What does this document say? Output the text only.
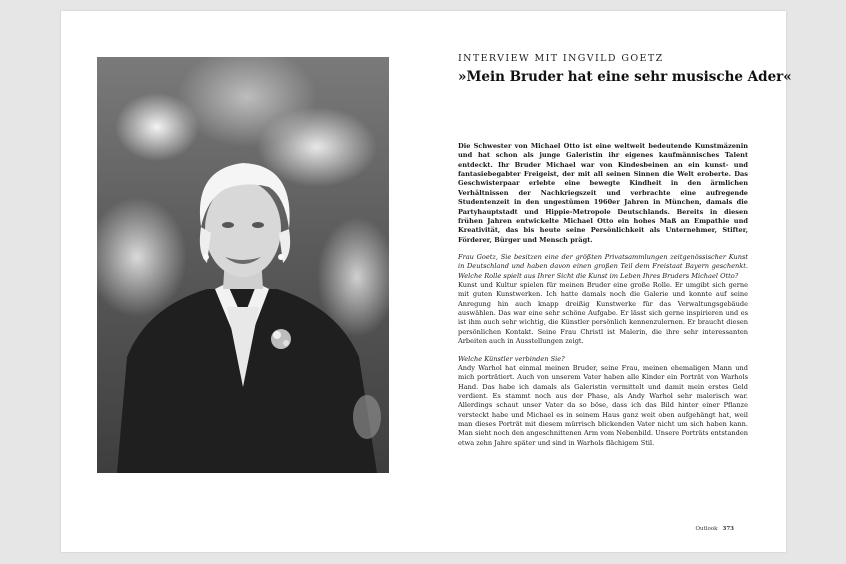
INTERVIEW MIT INGVILD GOETZ
»Mein Bruder hat eine sehr musische Ader«

Die Schwester von Michael Otto ist eine weltweit bedeutende Kunstmäzenin und hat schon als junge Galeristin ihr eigenes kaufmännisches Talent entdeckt. Ihr Bruder Michael war von Kindesbeinen an ein kunst- und fantasiebegabter Freigeist, der mit all seinen Sinnen die Welt eroberte. Das Geschwisterpaar erlebte eine bewegte Kindheit in den ärmlichen Verhältnissen der Nachkriegszeit und verbrachte eine aufregende Studentenzeit in den ungestümen 1960er Jahren in München, damals die Partyhauptstadt und Hippie-Metropole Deutschlands. Bereits in diesen frühen Jahren entwickelte Michael Otto ein hohes Maß an Empathie und Kreativität, das bis heute seine Persönlichkeit als Unternehmer, Stifter, Förderer, Bürger und Mensch prägt.

Frau Goetz, Sie besitzen eine der größten Privatsammlungen zeitgenössischer Kunst in Deutschland und haben davon einen großen Teil dem Freistaat Bayern geschenkt. Welche Rolle spielt aus Ihrer Sicht die Kunst im Leben Ihres Bruders Michael Otto?

Kunst und Kultur spielen für meinen Bruder eine große Rolle. Er umgibt sich gerne mit guten Kunstwerken. Ich hatte damals noch die Galerie und konnte auf seine Anregung hin auch knapp dreißig Kunstwerke für das Verwaltungsgebäude auswählen. Das war eine sehr schöne Aufgabe. Er lässt sich gerne inspirieren und es ist ihm auch sehr wichtig, die Künstler persönlich kennenzulernen. Er braucht diesen persönlichen Kontakt. Seine Frau Christl ist Malerin, die ihre sehr interessanten Arbeiten auch in Ausstellungen zeigt.

Welche Künstler verbinden Sie?

Andy Warhol hat einmal meinen Bruder, seine Frau, meinen ehemaligen Mann und mich porträtiert. Auch von unserem Vater haben alle Kinder ein Porträt von Warhols Hand. Das habe ich damals als Galeristin vermittelt und damit mein erstes Geld verdient. Es stammt noch aus der Phase, als Andy Warhol sehr malerisch war. Allerdings schaut unser Vater da so böse, dass ich das Bild hinter einer Pflanze versteckt habe und Michael es in seinem Haus ganz weit oben aufgehängt hat, weil man dieses Porträt mit diesem mürrisch blickenden Vater nicht um sich haben kann. Man sieht noch den angeschnittenen Arm vom Nebenbild. Unsere Porträts entstanden etwa zehn Jahre später und sind in Warhols flächigem Stil.

Outlook 373
